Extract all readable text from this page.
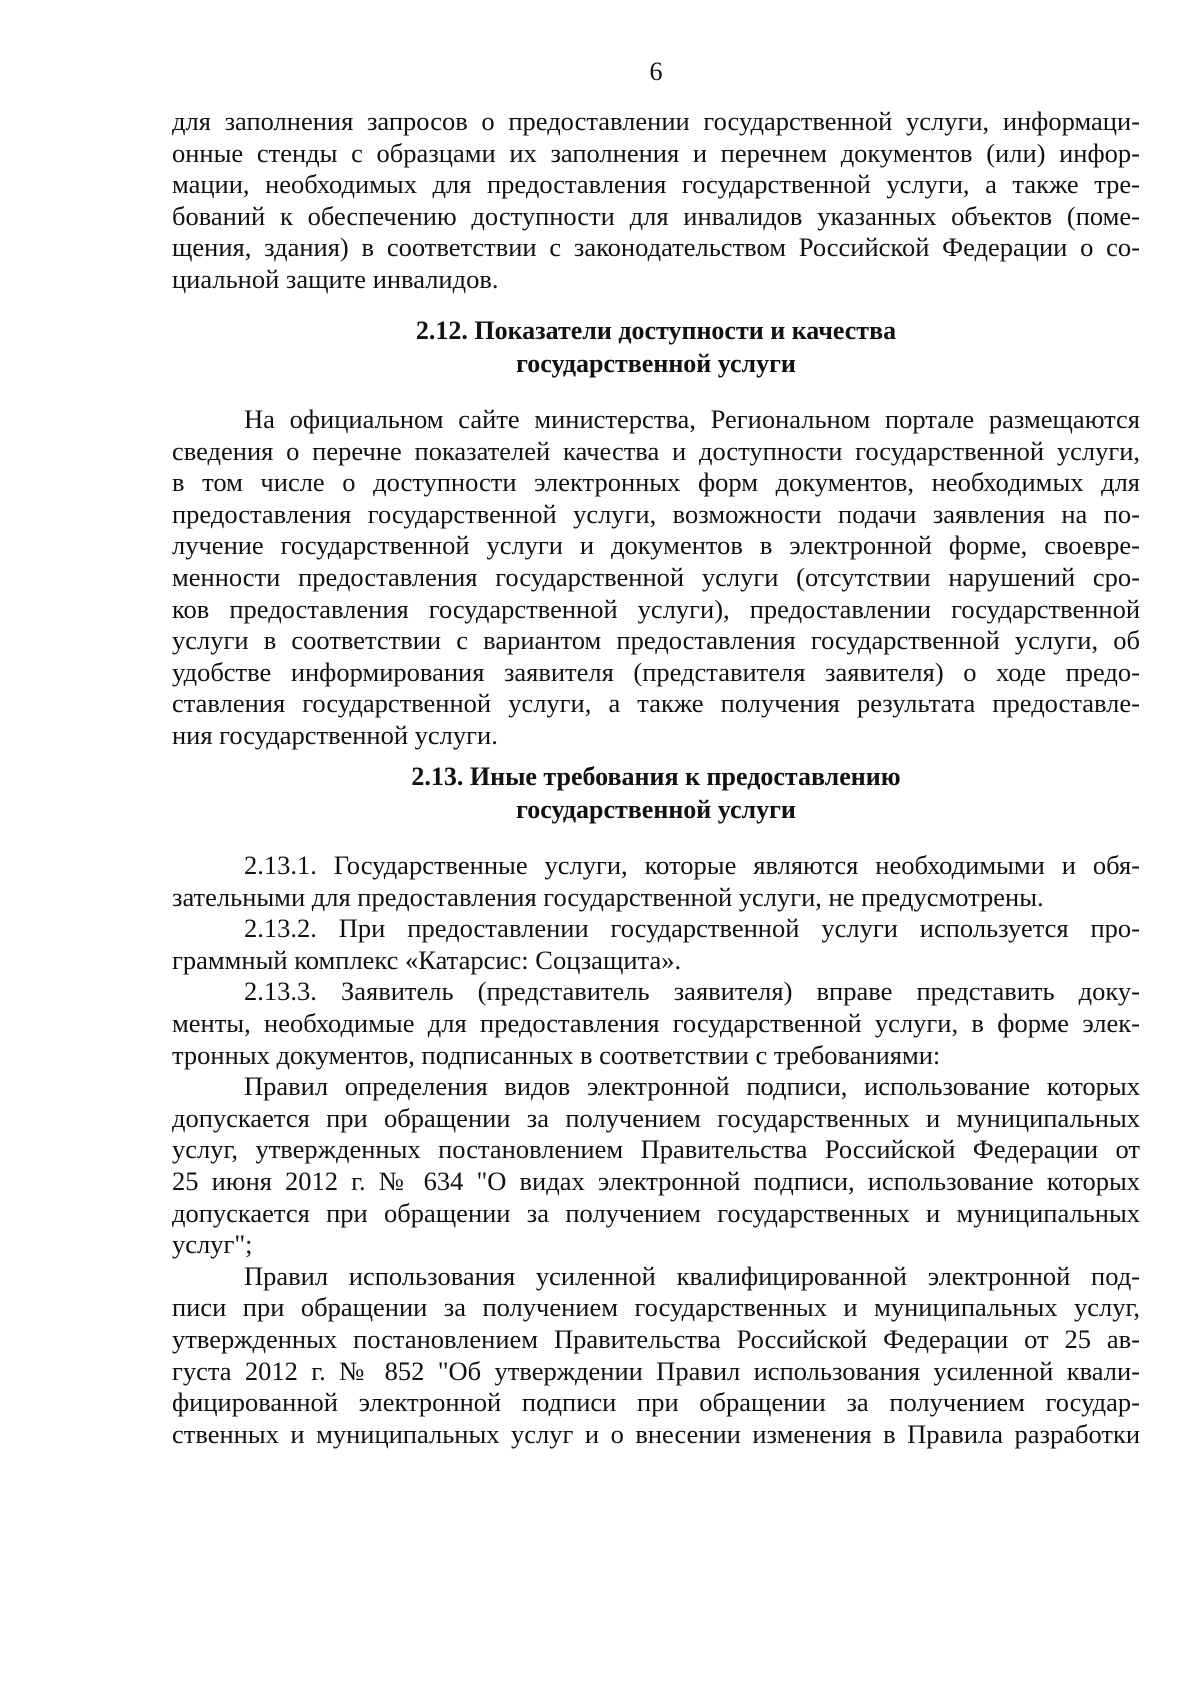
6
для заполнения запросов о предоставлении государственной услуги, информаци-
онные стенды с образцами их заполнения и перечнем документов (или) инфор-
мации, необходимых для предоставления государственной услуги, а также тре-
бований к обеспечению доступности для инвалидов указанных объектов (поме-
щения, здания) в соответствии с законодательством Российской Федерации о со-
циальной защите инвалидов.
2.12. Показатели доступности и качества
государственной услуги
На официальном сайте министерства, Региональном портале размещаются
сведения о перечне показателей качества и доступности государственной услуги,
в том числе о доступности электронных форм документов, необходимых для
предоставления государственной услуги, возможности подачи заявления на по-
лучение государственной услуги и документов в электронной форме, своевре-
менности предоставления государственной услуги (отсутствии нарушений сро-
ков предоставления государственной услуги), предоставлении государственной
услуги в соответствии с вариантом предоставления государственной услуги, об
удобстве информирования заявителя (представителя заявителя) о ходе предо-
ставления государственной услуги, а также получения результата предоставле-
ния государственной услуги.
2.13. Иные требования к предоставлению
государственной услуги
2.13.1. Государственные услуги, которые являются необходимыми и обя-
зательными для предоставления государственной услуги, не предусмотрены.
2.13.2. При предоставлении государственной услуги используется про-
граммный комплекс «Катарсис: Соцзащита».
2.13.3. Заявитель (представитель заявителя) вправе представить доку-
менты, необходимые для предоставления государственной услуги, в форме элек-
тронных документов, подписанных в соответствии с требованиями:
Правил определения видов электронной подписи, использование которых
допускается при обращении за получением государственных и муниципальных
услуг, утвержденных постановлением Правительства Российской Федерации от
25 июня 2012 г. № 634 "О видах электронной подписи, использование которых
допускается при обращении за получением государственных и муниципальных
услуг";
Правил использования усиленной квалифицированной электронной под-
писи при обращении за получением государственных и муниципальных услуг,
утвержденных постановлением Правительства Российской Федерации от 25 ав-
густа 2012 г. № 852 "Об утверждении Правил использования усиленной квали-
фицированной электронной подписи при обращении за получением государ-
ственных и муниципальных услуг и о внесении изменения в Правила разработки
